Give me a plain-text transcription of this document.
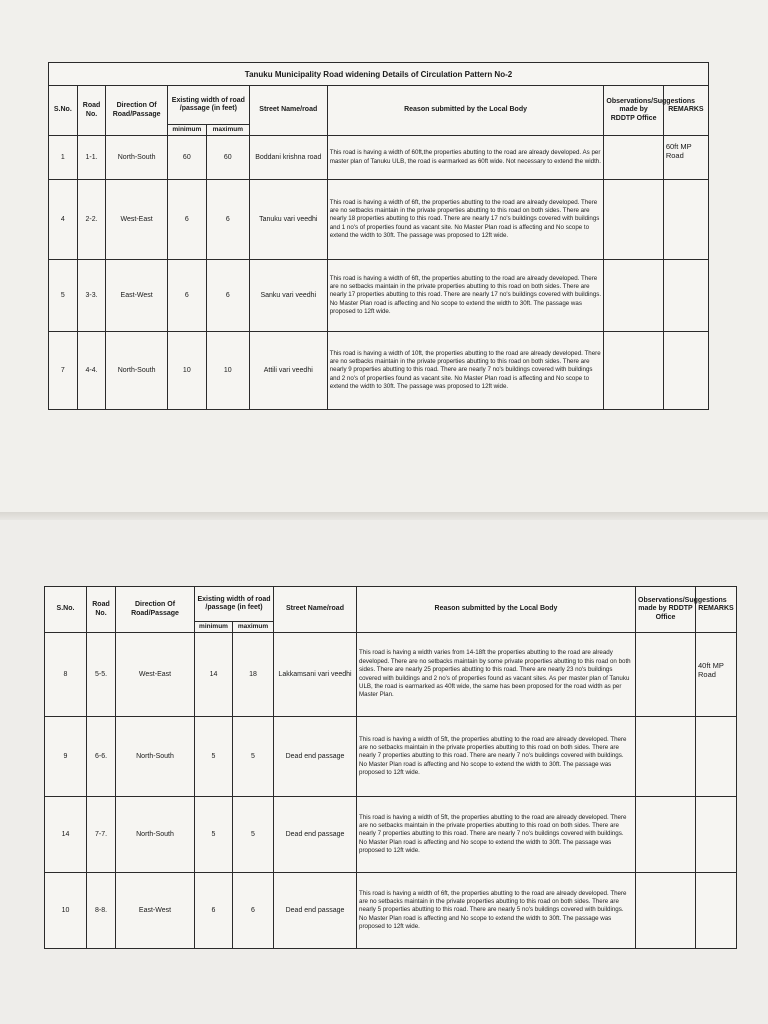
Tanuku Municipality Road widening Details of Circulation Pattern No-2								
S.No.	Road No.	Direction Of Road/Passage	Existing width of road /passage (in feet)		Street Name/road	Reason submitted by the Local Body	Observations/Suggestions made by RDDTP Office	REMARKS
			minimum	maximum				
1	1-1.	North-South	60	60	Boddani krishna road	This road is having a width of 60ft,the properties abutting to the road are already developed. As per master plan of Tanuku ULB, the road is earmarked as 60ft wide. Not necessary to extend the width.		60ft MP Road
4	2-2.	West-East	6	6	Tanuku vari veedhi	This road is having a width of 6ft, the properties abutting to the road are already developed. There are no setbacks maintain in the private properties abutting to this road on both sides. There are nearly 18 properties abutting to this road. There are nearly 17 no's buildings covered with buildings and 1 no's of properties found as vacant site. No Master Plan road is affecting and No scope to extend the width to 30ft. The passage was proposed to 12ft wide.		
5	3-3.	East-West	6	6	Sanku vari veedhi	This road is having a width of 6ft, the properties abutting to the road are already developed. There are no setbacks maintain in the private properties abutting to this road on both sides. There are nearly 17 properties abutting to this road. There are nearly 17 no's buildings covered with buildings. No Master Plan road is affecting and No scope to extend the width to 30ft. The passage was proposed to 12ft wide.		
7	4-4.	North-South	10	10	Attili vari veedhi	This road is having a width of 10ft, the properties abutting to the road are already developed. There are no setbacks maintain in the private properties abutting to this road on both sides. There are nearly 9 properties abutting to this road. There are nearly 7 no's buildings covered with buildings and 2 no's of properties found as vacant site. No Master Plan road is affecting and No scope to extend the width to 30ft. The passage was proposed to 12ft wide.		
S.No.	Road No.	Direction Of Road/Passage	Existing width of road /passage (in feet)		Street Name/road	Reason submitted by the Local Body	Observations/Suggestions made by RDDTP Office	REMARKS
			minimum	maximum				
8	5-5.	West-East	14	18	Lakkamsani vari veedhi	This road is having a width varies from 14-18ft the properties abutting to the road are already developed. There are no setbacks maintain by some private properties abutting to this road on both sides. There are nearly 25 properties abutting to this road. There are nearly 23 no's buildings covered with buildings and 2 no's of properties found as vacant sites. As per master plan of Tanuku ULB, the road is earmarked as 40ft wide, the same has been proposed for the road width as per Master Plan.		40ft MP Road
9	6-6.	North-South	5	5	Dead end passage	This road is having a width of 5ft, the properties abutting to the road are already developed. There are no setbacks maintain in the private properties abutting to this road on both sides. There are nearly 7 properties abutting to this road. There are nearly 7 no's buildings covered with buildings. No Master Plan road is affecting and No scope to extend the width to 30ft. The passage was proposed to 12ft wide.		
14	7-7.	North-South	5	5	Dead end passage	This road is having a width of 5ft, the properties abutting to the road are already developed. There are no setbacks maintain in the private properties abutting to this road on both sides. There are nearly 7 properties abutting to this road. There are nearly 7 no's buildings covered with buildings. No Master Plan road is affecting and No scope to extend the width to 30ft. The passage was proposed to 12ft wide.		
10	8-8.	East-West	6	6	Dead end passage	This road is having a width of 6ft, the properties abutting to the road are already developed. There are no setbacks maintain in the private properties abutting to this road on both sides. There are nearly 5 properties abutting to this road. There are nearly 5 no's buildings covered with buildings. No Master Plan road is affecting and No scope to extend the width to 30ft. The passage was proposed to 12ft wide.		
